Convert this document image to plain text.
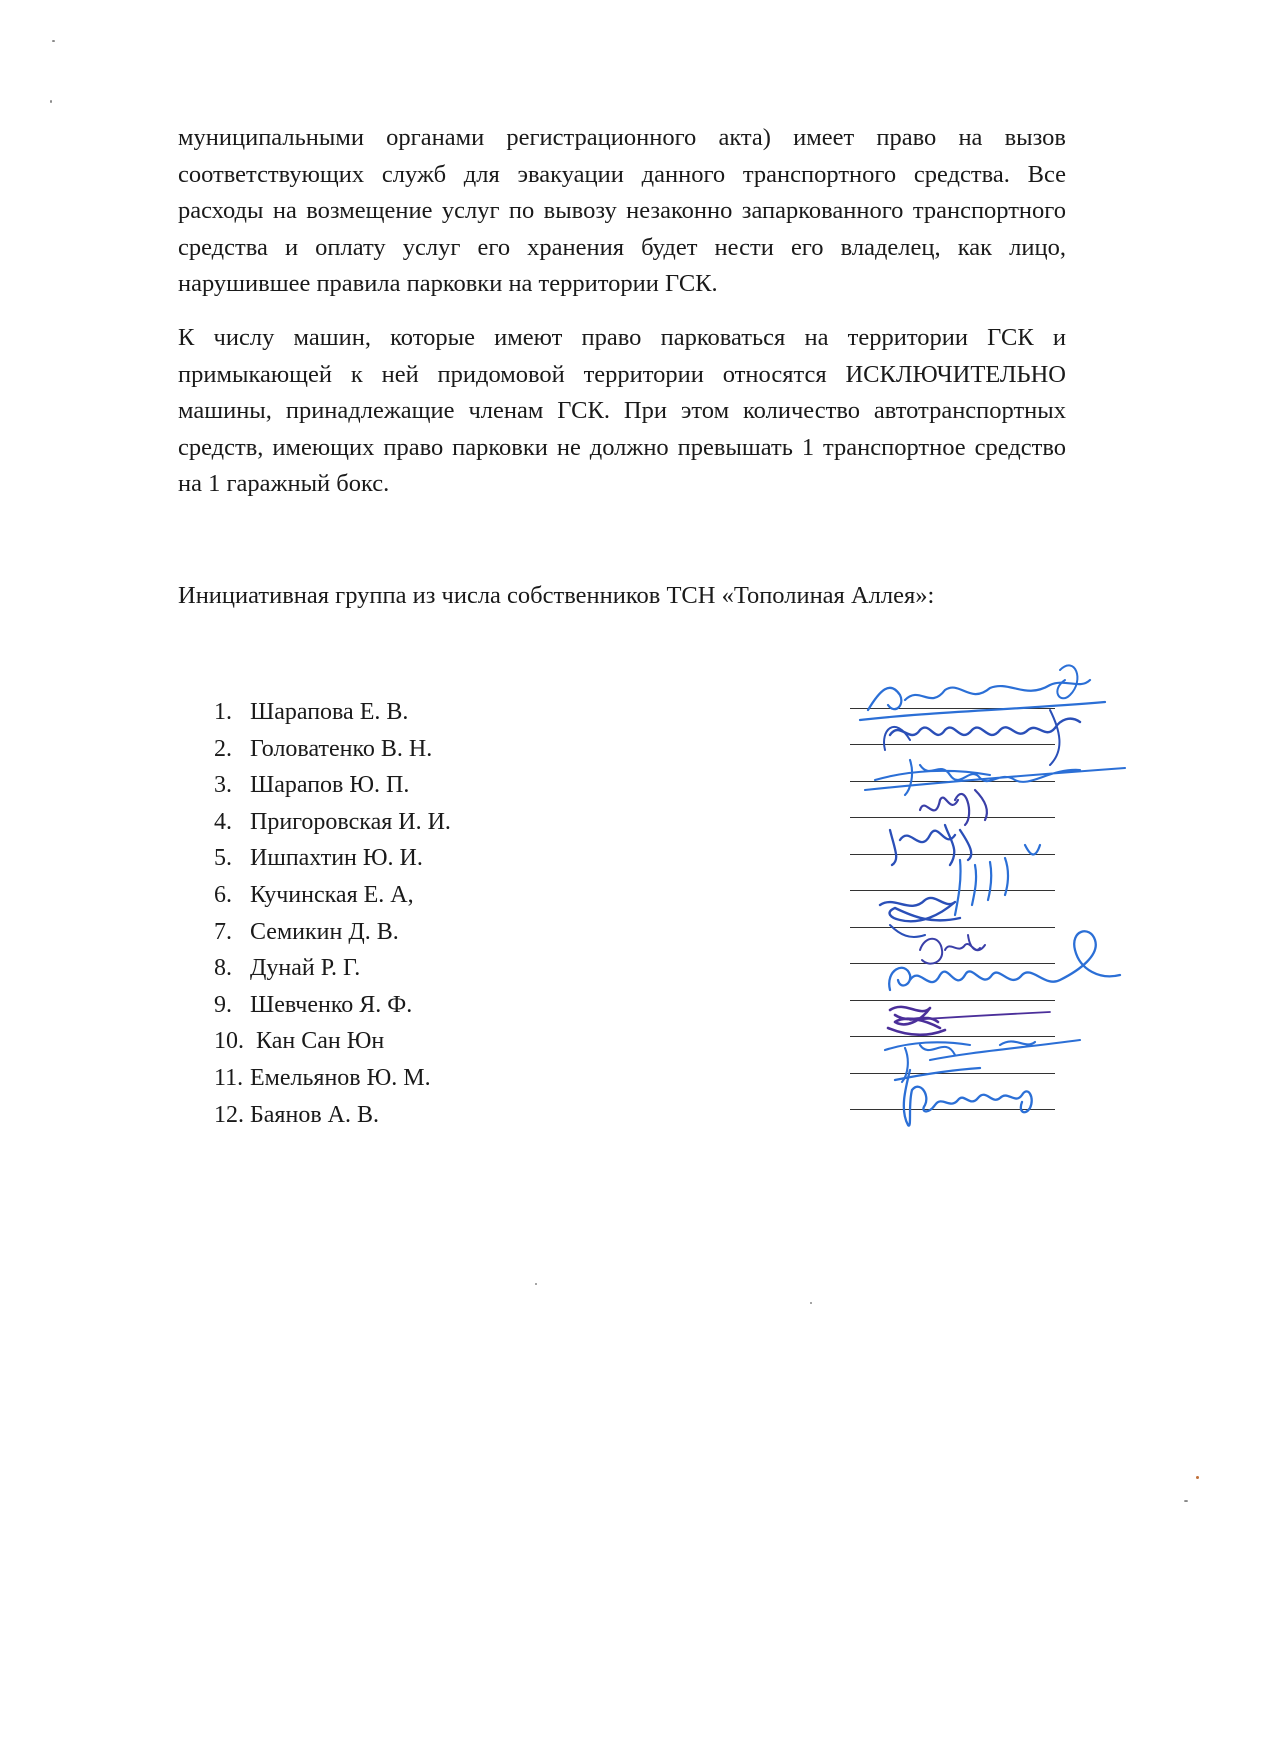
муниципальными органами регистрационного акта) имеет право на вызов соответствующих служб для эвакуации данного транспортного средства. Все расходы на возмещение услуг по вывозу незаконно запаркованного транспортного средства и оплату услуг его хранения будет нести его владелец, как лицо, нарушившее правила парковки на территории ГСК.

К числу машин, которые имеют право парковаться на территории ГСК и примыкающей к ней придомовой территории относятся ИСКЛЮЧИТЕЛЬНО машины, принадлежащие членам ГСК. При этом количество автотранспортных средств, имеющих право парковки не должно превышать 1 транспортное средство на 1 гаражный бокс.

Инициативная группа из числа собственников ТСН «Тополиная Аллея»:

1. Шарапова Е. В.
2. Головатенко В. Н.
3. Шарапов Ю. П.
4. Пригоровская И. И.
5. Ишпахтин Ю. И.
6. Кучинская Е. А,
7. Семикин Д. В.
8. Дунай Р. Г.
9. Шевченко Я. Ф.
10. Кан Сан Юн
11. Емельянов Ю. М.
12. Баянов А. В.
